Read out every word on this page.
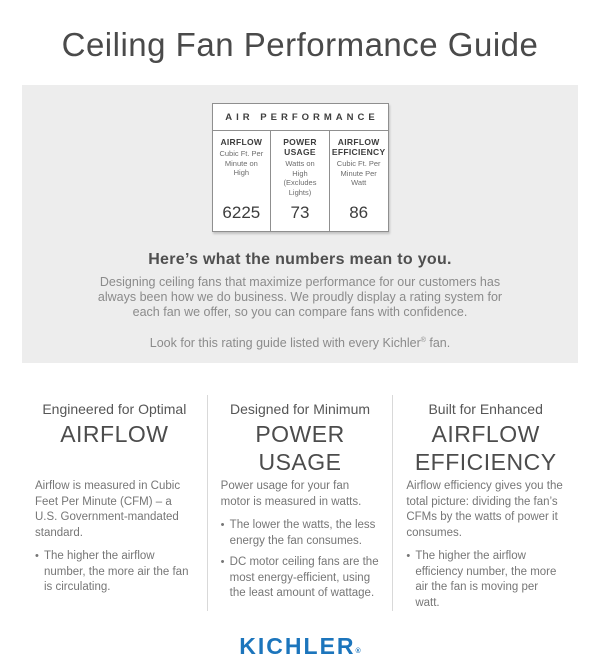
Ceiling Fan Performance Guide
AIR PERFORMANCE
AIRFLOW
Cubic Ft. Per Minute on High
6225
POWER USAGE
Watts on High (Excludes Lights)
73
AIRFLOW EFFICIENCY
Cubic Ft. Per Minute Per Watt
86
Here’s what the numbers mean to you.

Designing ceiling fans that maximize performance for our customers has always been how we do business. We proudly display a rating system for each fan we offer, so you can compare fans with confidence.

Look for this rating guide listed with every Kichler® fan.

Engineered for Optimal
AIRFLOW

Airflow is measured in Cubic Feet Per Minute (CFM) – a U.S. Government-mandated standard.

• The higher the airflow number, the more air the fan is circulating.
Designed for Minimum
POWER USAGE

Power usage for your fan motor is measured in watts.

• The lower the watts, the less energy the fan consumes.
• DC motor ceiling fans are the most energy-efficient, using the least amount of wattage.
Built for Enhanced
AIRFLOW EFFICIENCY

Airflow efficiency gives you the total picture: dividing the fan’s CFMs by the watts of power it consumes.

• The higher the airflow efficiency number, the more air the fan is moving per watt.
KICHLER®
